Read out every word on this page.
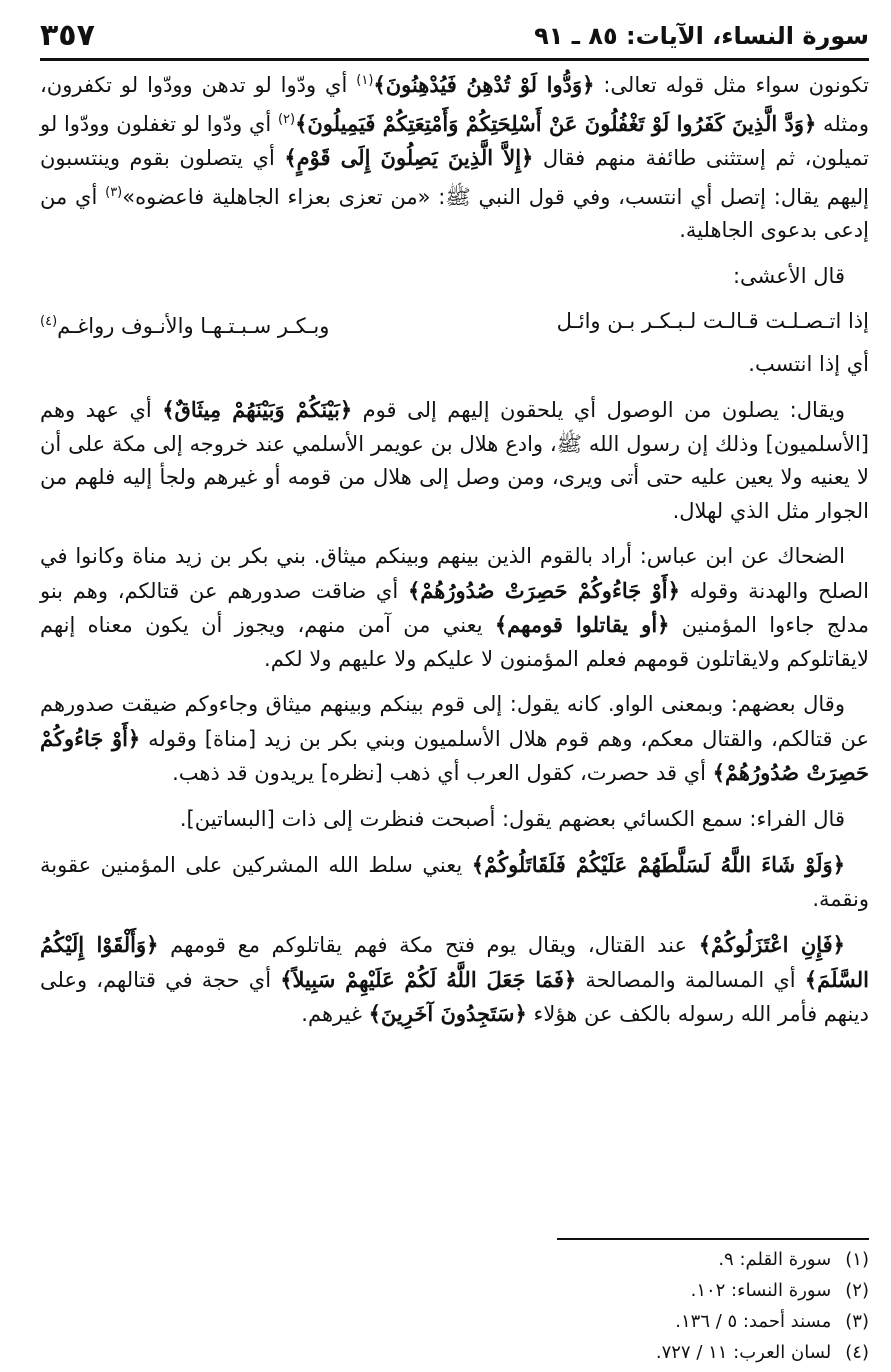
سورة النساء، الآيات: ٨٥ ـ ٩١
٣٥٧

تكونون سواء مثل قوله تعالى: ﴿وَدُّوا لَوْ تُدْهِنُ فَيُدْهِنُونَ﴾$^{(١)}$ أي ودّوا لو تدهن وودّوا لو تكفرون، ومثله ﴿وَدَّ الَّذِينَ كَفَرُوا لَوْ تَغْفُلُونَ عَنْ أَسْلِحَتِكُمْ وَأَمْتِعَتِكُمْ فَيَمِيلُونَ﴾$^{(٢)}$ أي ودّوا لو تغفلون وودّوا لو تميلون، ثم إستثنى طائفة منهم فقال ﴿إِلاَّ الَّذِينَ يَصِلُونَ إِلَى قَوْمٍ﴾ أي يتصلون بقوم وينتسبون إليهم يقال: إتصل أي انتسب، وفي قول النبي ﷺ: «من تعزى بعزاء الجاهلية فاعضوه»$^{(٣)}$ أي من إدعى بدعوى الجاهلية.

قال الأعشى:

إذا اتـصـلـت قـالـت لـبـكـر بـن وائـل
وبـكـر سـبـتـهـا والأنـوف رواغـم$^{(٤)}$

أي إذا انتسب.

ويقال: يصلون من الوصول أي يلحقون إليهم إلى قوم ﴿بَيْنَكُمْ وَبَيْنَهُمْ مِيثَاقٌ﴾ أي عهد وهم [الأسلميون] وذلك إن رسول الله ﷺ، وادع هلال بن عويمر الأسلمي عند خروجه إلى مكة على أن لا يعنيه ولا يعين عليه حتى أتى ويرى، ومن وصل إلى هلال من قومه أو غيرهم ولجأ إليه فلهم من الجوار مثل الذي لهلال.

الضحاك عن ابن عباس: أراد بالقوم الذين بينهم وبينكم ميثاق. بني بكر بن زيد مناة وكانوا في الصلح والهدنة وقوله ﴿أَوْ جَاءُوكُمْ حَصِرَتْ صُدُورُهُمْ﴾ أي ضاقت صدورهم عن قتالكم، وهم بنو مدلج جاءوا المؤمنين ﴿أو يقاتلوا قومهم﴾ يعني من آمن منهم، ويجوز أن يكون معناه إنهم لايقاتلوكم ولايقاتلون قومهم فعلم المؤمنون لا عليكم ولا عليهم ولا لكم.

وقال بعضهم: وبمعنى الواو. كانه يقول: إلى قوم بينكم وبينهم ميثاق وجاءوكم ضيقت صدورهم عن قتالكم، والقتال معكم، وهم قوم هلال الأسلميون وبني بكر بن زيد [مناة] وقوله ﴿أَوْ جَاءُوكُمْ حَصِرَتْ صُدُورُهُمْ﴾ أي قد حصرت، كقول العرب أي ذهب [نظره] يريدون قد ذهب.

قال الفراء: سمع الكسائي بعضهم يقول: أصبحت فنظرت إلى ذات [البساتين].

﴿وَلَوْ شَاءَ اللَّهُ لَسَلَّطَهُمْ عَلَيْكُمْ فَلَقَاتَلُوكُمْ﴾ يعني سلط الله المشركين على المؤمنين عقوبة ونقمة.

﴿فَإِنِ اعْتَزَلُوكُمْ﴾ عند القتال، ويقال يوم فتح مكة فهم يقاتلوكم مع قومهم ﴿وَأَلْقَوْا إِلَيْكُمُ السَّلَمَ﴾ أي المسالمة والمصالحة ﴿فَمَا جَعَلَ اللَّهُ لَكُمْ عَلَيْهِمْ سَبِيلاً﴾ أي حجة في قتالهم، وعلى دينهم فأمر الله رسوله بالكف عن هؤلاء ﴿سَتَجِدُونَ آخَرِينَ﴾ غيرهم.

(١)
سورة القلم: ٩.
(٢)
سورة النساء: ١٠٢.
(٣)
مسند أحمد: ٥ / ١٣٦.
(٤)
لسان العرب: ١١ / ٧٢٧.
